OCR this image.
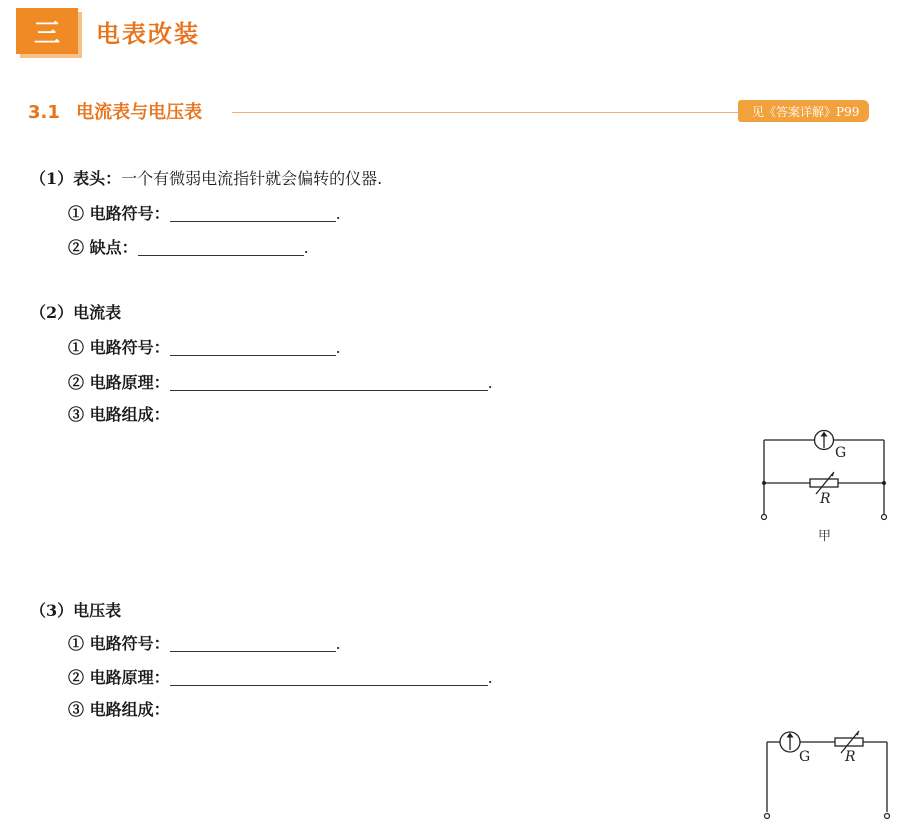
三	电表改装
3.1 电流表与电压表	见《答案详解》P99
（1）表头：一个有微弱电流指针就会偏转的仪器.
① 电路符号：	.
② 缺点：	.
（2）电流表
① 电路符号：	.
② 电路原理：	.
③ 电路组成：
G
R
甲
（3）电压表
① 电路符号：	.
② 电路原理：	.
③ 电路组成：
G R
